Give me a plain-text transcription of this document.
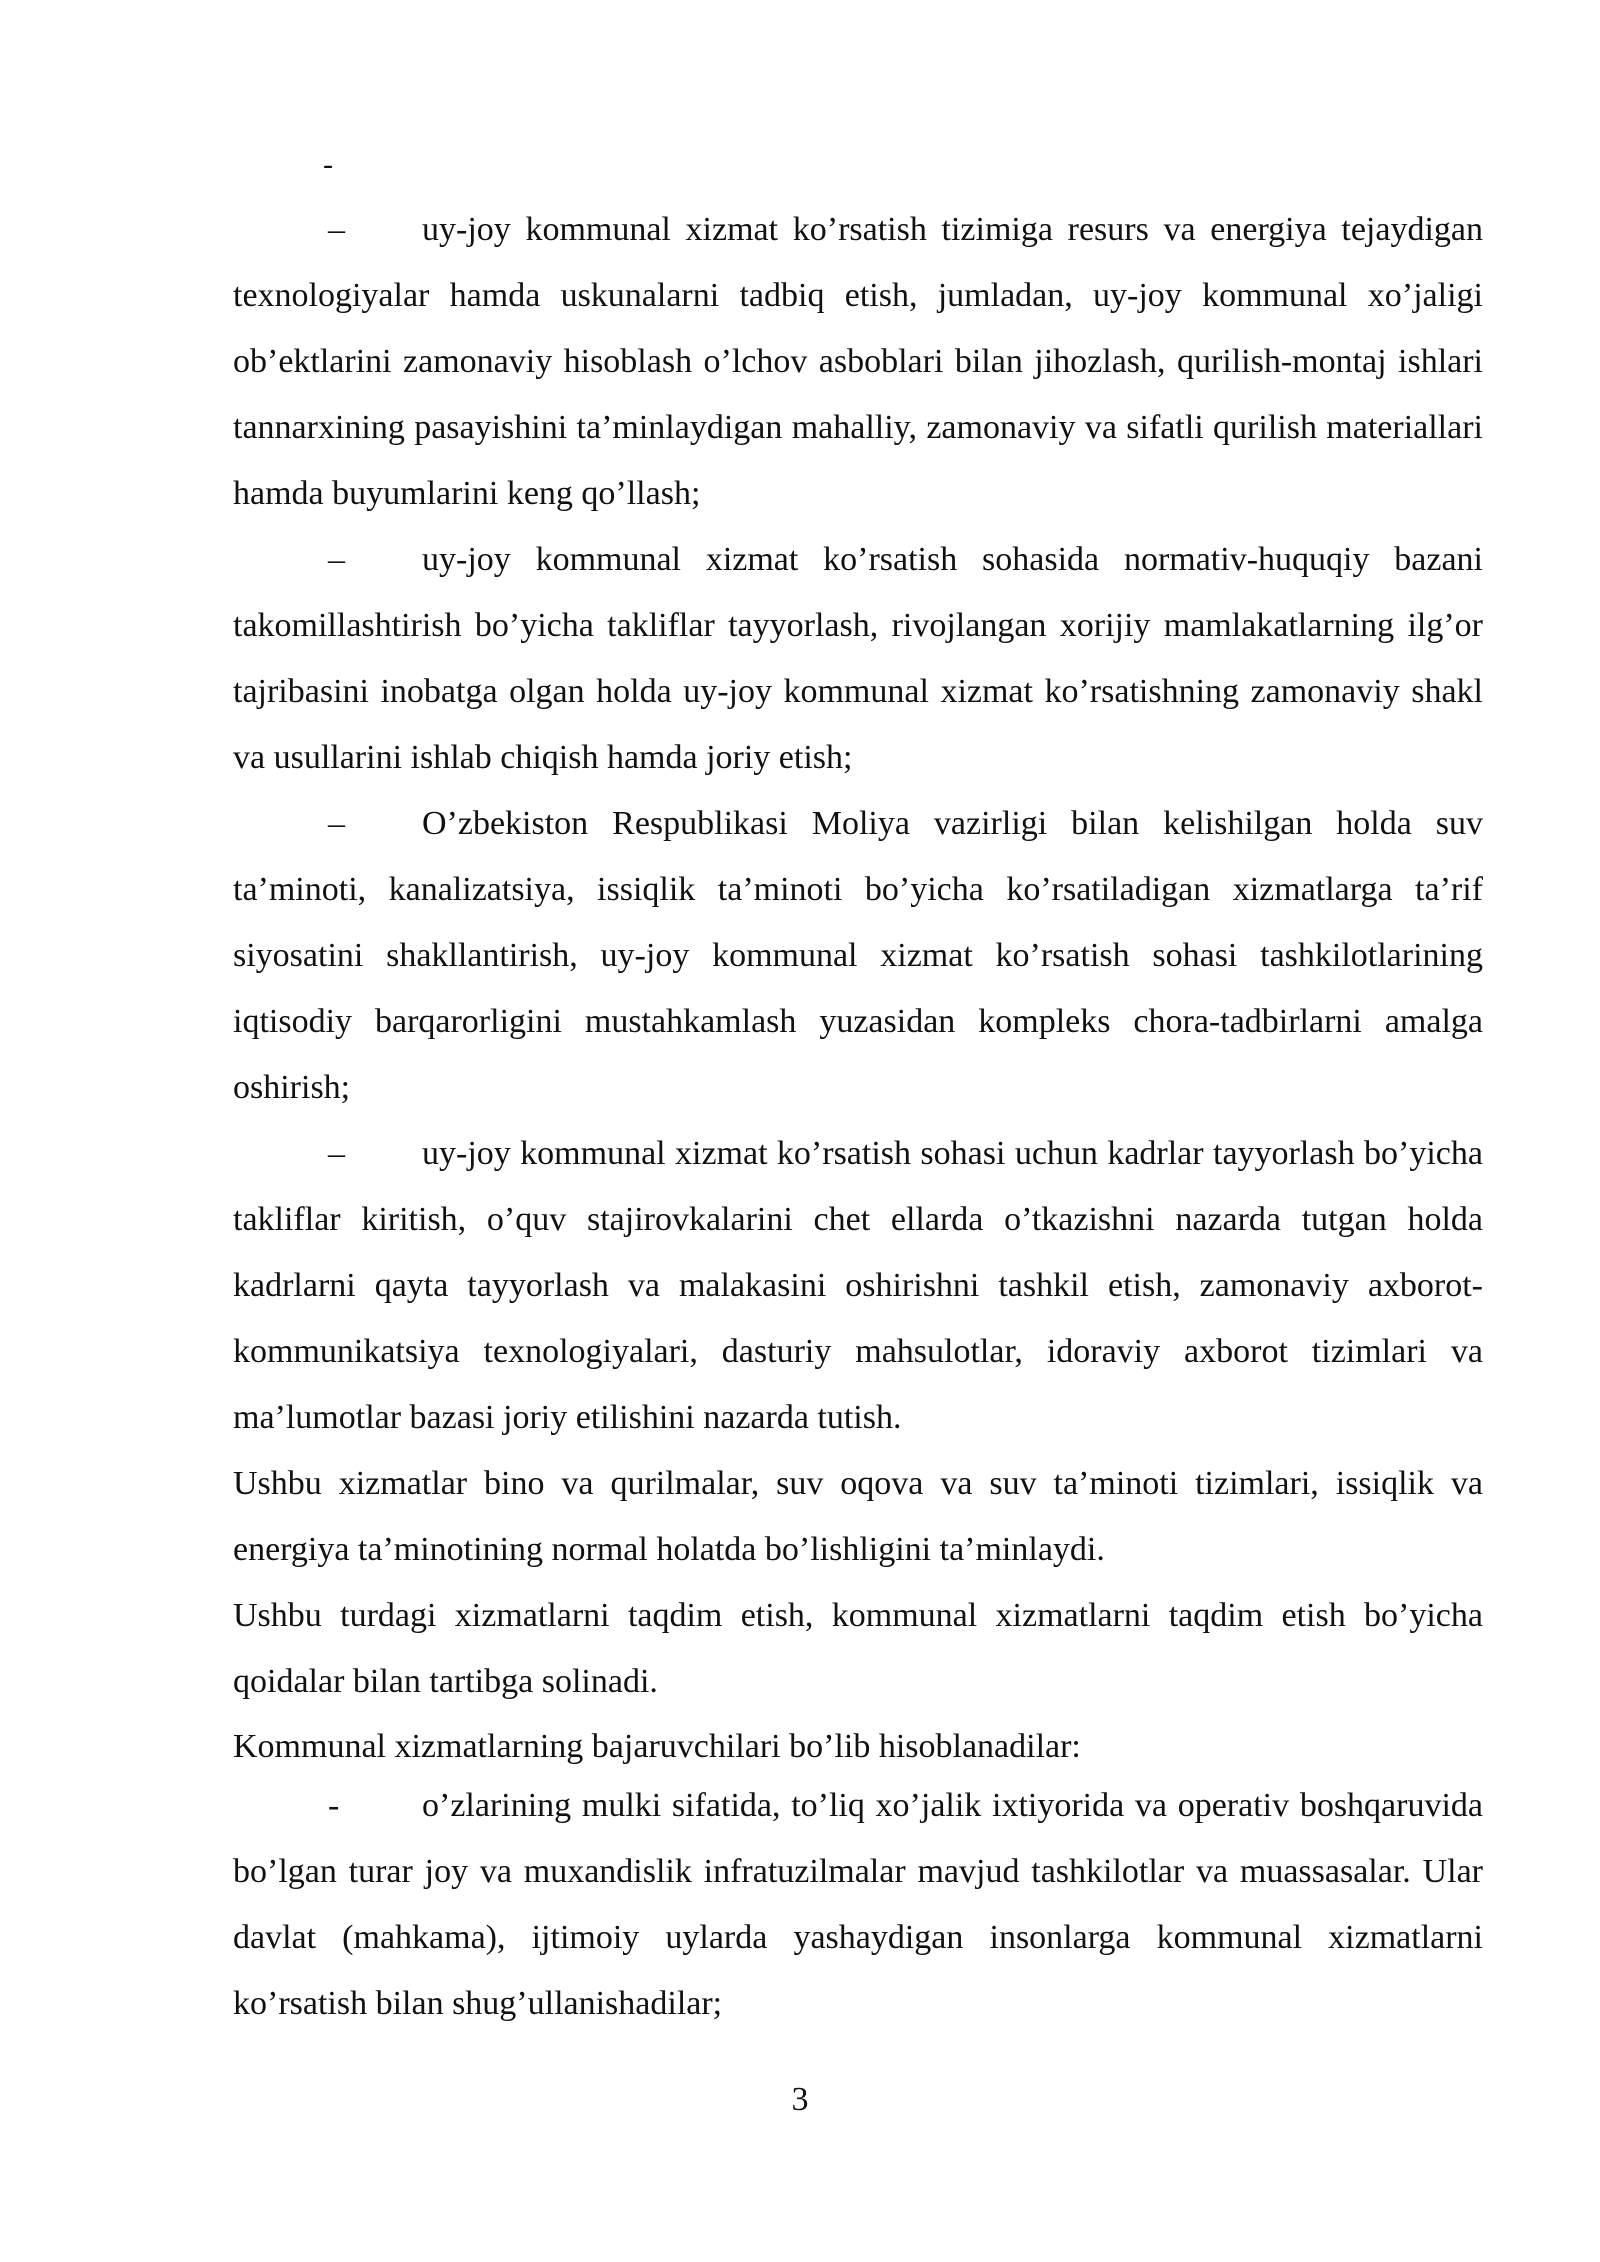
-

– uy-joy kommunal xizmat ko’rsatish tizimiga resurs va energiya tejaydigan texnologiyalar hamda uskunalarni tadbiq etish, jumladan, uy-joy kommunal xo’jaligi ob’ektlarini zamonaviy hisoblash o’lchov asboblari bilan jihozlash, qurilish-montaj ishlari tannarxining pasayishini ta’minlaydigan mahalliy, zamonaviy va sifatli qurilish materiallari hamda buyumlarini keng qo’llash;

– uy-joy kommunal xizmat ko’rsatish sohasida normativ-huquqiy bazani takomillashtirish bo’yicha takliflar tayyorlash, rivojlangan xorijiy mamlakatlarning ilg’or tajribasini inobatga olgan holda uy-joy kommunal xizmat ko’rsatishning zamonaviy shakl va usullarini ishlab chiqish hamda joriy etish;

– O’zbekiston Respublikasi Moliya vazirligi bilan kelishilgan holda suv ta’minoti, kanalizatsiya, issiqlik ta’minoti bo’yicha ko’rsatiladigan xizmatlarga ta’rif siyosatini shakllantirish, uy-joy kommunal xizmat ko’rsatish sohasi tashkilotlarining iqtisodiy barqarorligini mustahkamlash yuzasidan kompleks chora-tadbirlarni amalga oshirish;

– uy-joy kommunal xizmat ko’rsatish sohasi uchun kadrlar tayyorlash bo’yicha takliflar kiritish, o’quv stajirovkalarini chet ellarda o’tkazishni nazarda tutgan holda kadrlarni qayta tayyorlash va malakasini oshirishni tashkil etish, zamonaviy axborot-kommunikatsiya texnologiyalari, dasturiy mahsulotlar, idoraviy axborot tizimlari va ma’lumotlar bazasi joriy etilishini nazarda tutish.

Ushbu xizmatlar bino va qurilmalar, suv oqova va suv ta’minoti tizimlari, issiqlik va energiya ta’minotining normal holatda bo’lishligini ta’minlaydi.

Ushbu turdagi xizmatlarni taqdim etish, kommunal xizmatlarni taqdim etish bo’yicha qoidalar bilan tartibga solinadi.

Kommunal xizmatlarning bajaruvchilari bo’lib hisoblanadilar:

- o’zlarining mulki sifatida, to’liq xo’jalik ixtiyorida va operativ boshqaruvida bo’lgan turar joy va muxandislik infratuzilmalar mavjud tashkilotlar va muassasalar. Ular davlat (mahkama), ijtimoiy uylarda yashaydigan insonlarga kommunal xizmatlarni ko’rsatish bilan shug’ullanishadilar;

3
